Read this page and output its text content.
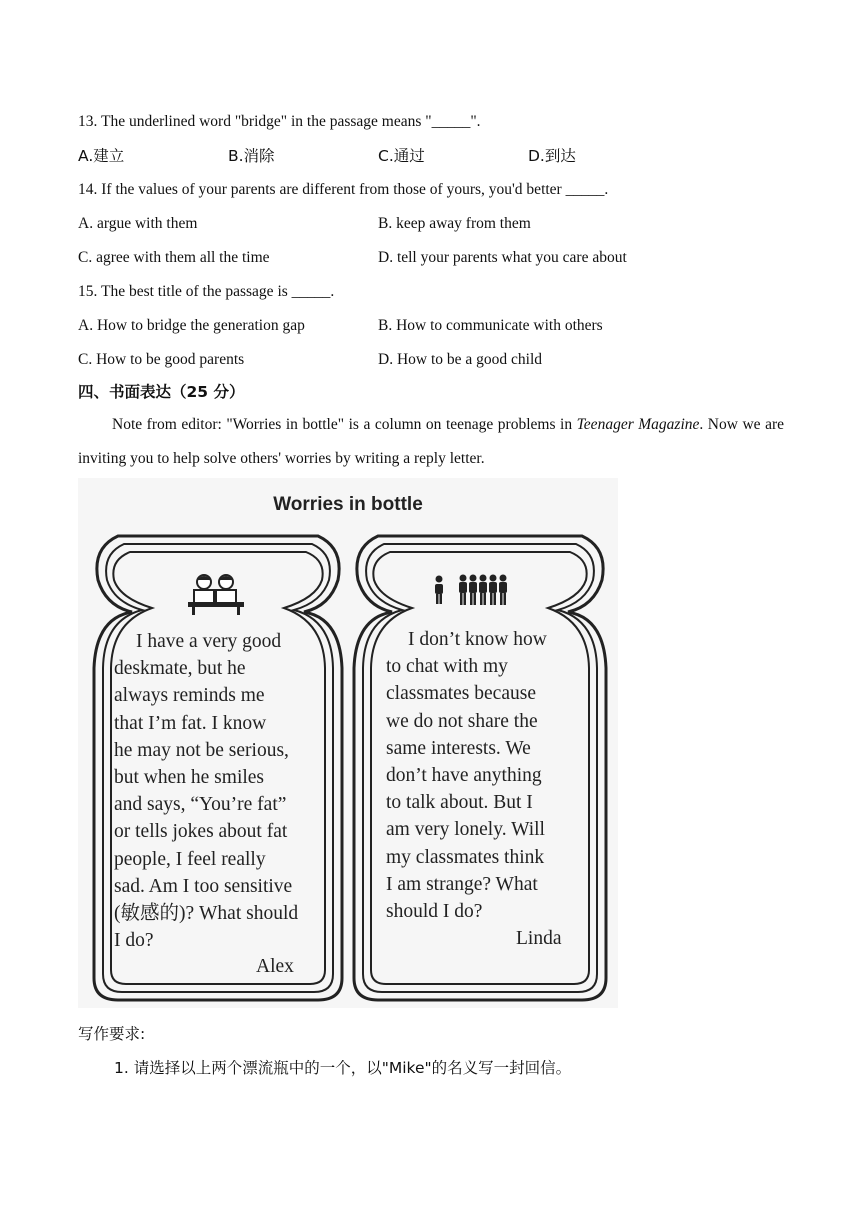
13. The underlined word "bridge" in the passage means "_____".
A.建立	B.消除	C.通过	D.到达
14. If the values of your parents are different from those of yours, you'd better _____.
A. argue with them	B. keep away from them
C. agree with them all the time	D. tell your parents what you care about
15. The best title of the passage is _____.
A. How to bridge the generation gap	B. How to communicate with others
C. How to be good parents	D. How to be a good child
四、书面表达（25 分）
Note from editor: "Worries in bottle" is a column on teenage problems in Teenager Magazine. Now we are inviting you to help solve others' worries by writing a reply letter.
Worries in bottle
I have a very good
deskmate, but he
always reminds me
that I’m fat. I know
he may not be serious,
but when he smiles
and says, “You’re fat”
or tells jokes about fat
people, I feel really
sad. Am I too sensitive
(敏感的)? What should
I do?
Alex
I don’t know how
to chat with my
classmates because
we do not share the
same interests. We
don’t have anything
to talk about. But I
am very lonely. Will
my classmates think
I am strange? What
should I do?
Linda
写作要求:
1. 请选择以上两个漂流瓶中的一个，以"Mike"的名义写一封回信。
